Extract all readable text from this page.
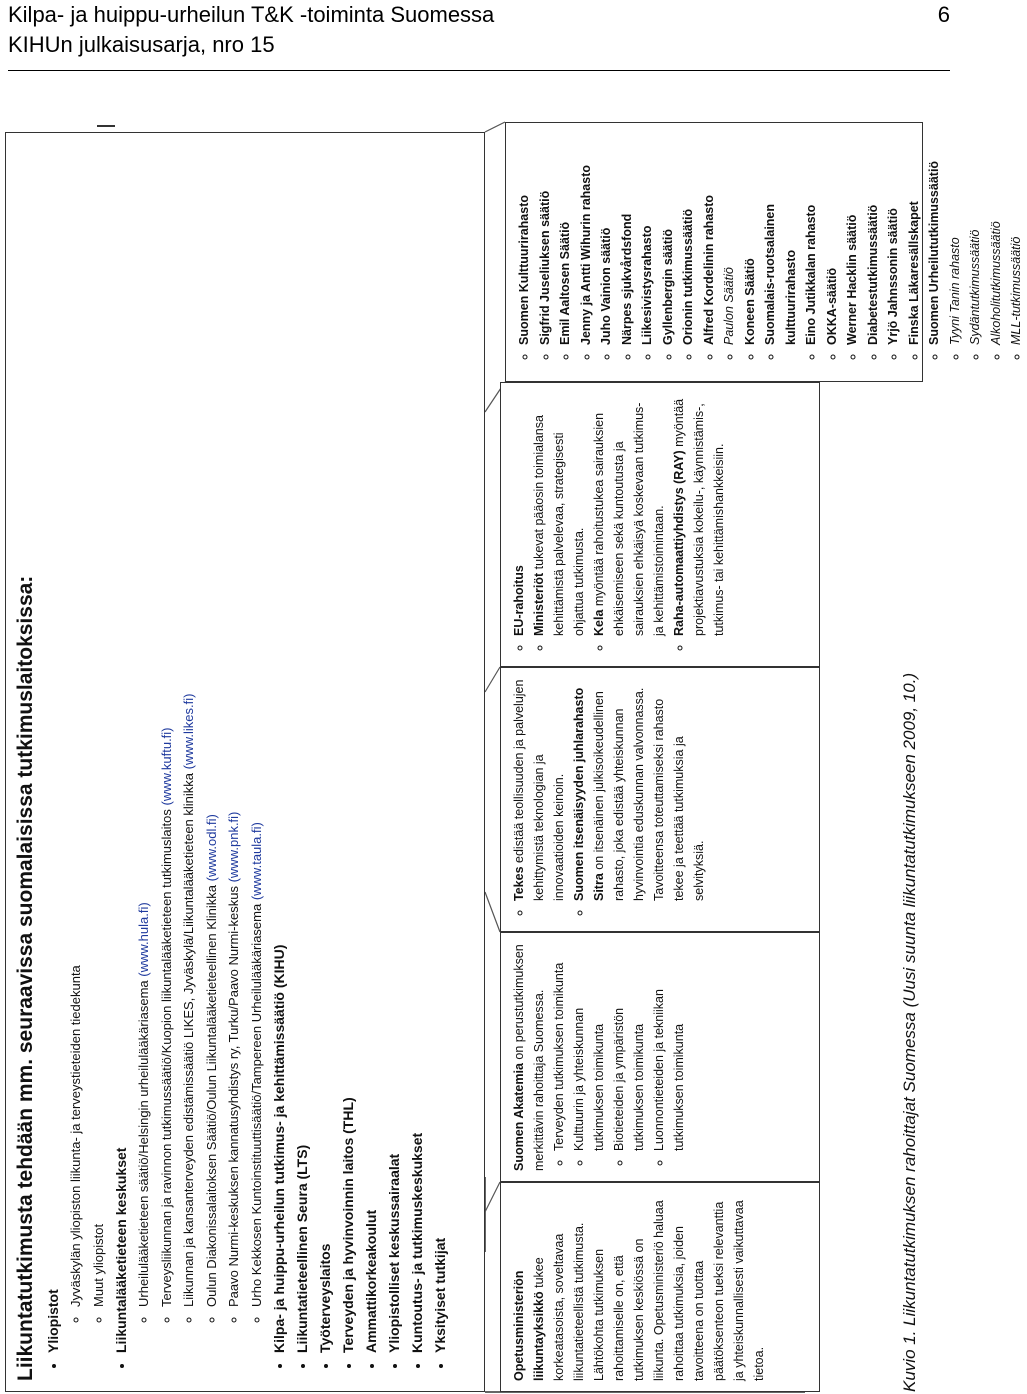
Kilpa- ja huippu-urheilun T&K -toiminta Suomessa
KIHUn julkaisusarja, nro 15
6
Liikuntatutkimusta tehdään mm. seuraavissa suomalaisissa tutkimuslaitoksissa: • Yliopistot
◦ Jyväskylän yliopiston liikunta- ja terveystieteiden tiedekunta ◦ Muut yliopistot • Liikuntalääketieteen keskukset ◦ Urheilulääketieteen säätiö/Helsingin urheilulääkäriasema (www.hula.fi) ◦ Terveysliikunnan ja ravinnon tutkimussäätiö/Kuopion liikuntalääketieteen tutkimuslaitos (www.kuftu.fi)
◦ Liikunnan ja kansanterveyden edistämissäätiö LIKES, Jyväskylä/Liikuntalääketieteen klinikka (www.likes.fi)
◦ Oulun Diakonissalaitoksen Säätiö/Oulun Liikuntalääketieteellinen Klinikka (www.odl.fi)
◦ Paavo Nurmi-keskuksen kannatusyhdistys ry, Turku/Paavo Nurmi-keskus (www.pnk.fi)
◦ Urho Kekkosen Kuntoinstituuttisäätiö/Tampereen Urheilulääkäriasema (www.taula.fi)
• Kilpa- ja huippu-urheilun tutkimus- ja kehittämissäätiö (KIHU) • Liikuntatieteellinen Seura (LTS) • Työterveyslaitos • Terveyden ja hyvinvoinnin laitos (THL) • Ammattikorkeakoulut • Yliopistolliset keskussairaalat • Kuntoutus- ja tutkimuskeskukset • Yksityiset tutkijat	Opetusministeriön liikuntayksikkö tukee korkeatasoista, soveltavaa liikuntatieteellistä tutkimusta. Lähtökohta tutkimuksen rahoittamiselle on, että tutkimuksen keskiössä on liikunta. Opetusministeriö haluaa rahoittaa tutkimuksia, joiden tavoitteena on tuottaa päätöksenteon tueksi relevanttia ja yhteiskunnallisesti vaikuttavaa tietoa.

Suomen Akatemia on perustutkimuksen merkittävin rahoittaja Suomessa. ◦ Terveyden tutkimuksen toimikunta ◦ Kulttuurin ja yhteiskunnan tutkimuksen toimikunta ◦ Biotieteiden ja ympäristön tutkimuksen toimikunta ◦ Luonnontieteiden ja tekniikan tutkimuksen toimikunta
◦ Tekes edistää teollisuuden ja palvelujen kehittymistä teknologian ja innovaatioiden keinoin. ◦ Suomen itsenäisyyden juhlarahasto Sitra on itsenäinen julkisoikeudellinen rahasto, joka edistää yhteiskunnan hyvinvointia eduskunnan valvonnassa. Tavoitteensa toteuttamiseksi rahasto tekee ja teettää tutkimuksia ja selvityksiä.
◦ EU-rahoitus ◦ Ministeriöt tukevat pääosin toimialansa kehittämistä palvelevaa, strategisesti ohjattua tutkimusta. ◦ Kela myöntää rahoitustukea sairauksien ehkäisemiseen sekä kuntoutusta ja sairauksien ehkäisyä koskevaan tutkimus- ja kehittämistoimintaan. ◦ Raha-automaattiyhdistys (RAY) myöntää projektiavustuksia kokeilu-, käynnistämis-, tutkimus- tai kehittämishankkeisiin.
◦ Suomen Kulttuurirahasto ◦ Sigfrid Juseliuksen säätiö ◦ Emil Aaltosen Säätiö ◦ Jenny ja Antti Wihurin rahasto ◦ Juho Vainion säätiö ◦ Närpes sjukvårdsfond ◦ Liikesivistysrahasto ◦ Gyllenbergin säätiö ◦ Orionin tutkimussäätiö ◦ Alfred Kordelinin rahasto ◦ Paulon Säätiö ◦ Koneen Säätiö ◦ Suomalais-ruotsalainen kulttuurirahasto ◦ Eino Jutikkalan rahasto ◦ OKKA-säätiö ◦ Werner Hacklin säätiö ◦ Diabetestutkimussäätiö ◦ Yrjö Jahnssonin säätiö ◦ Finska Läkaresällskapet ◦ Suomen Urheilututkimussäätiö ◦ Tyyni Tanin rahasto ◦ Sydäntutkimussäätiö ◦ Alkoholitutkimussäätiö ◦ MLL-tutkimussäätiö
Kuvio 1. Liikuntatutkimuksen rahoittajat Suomessa (Uusi suunta liikuntatutkimukseen 2009, 10.)
